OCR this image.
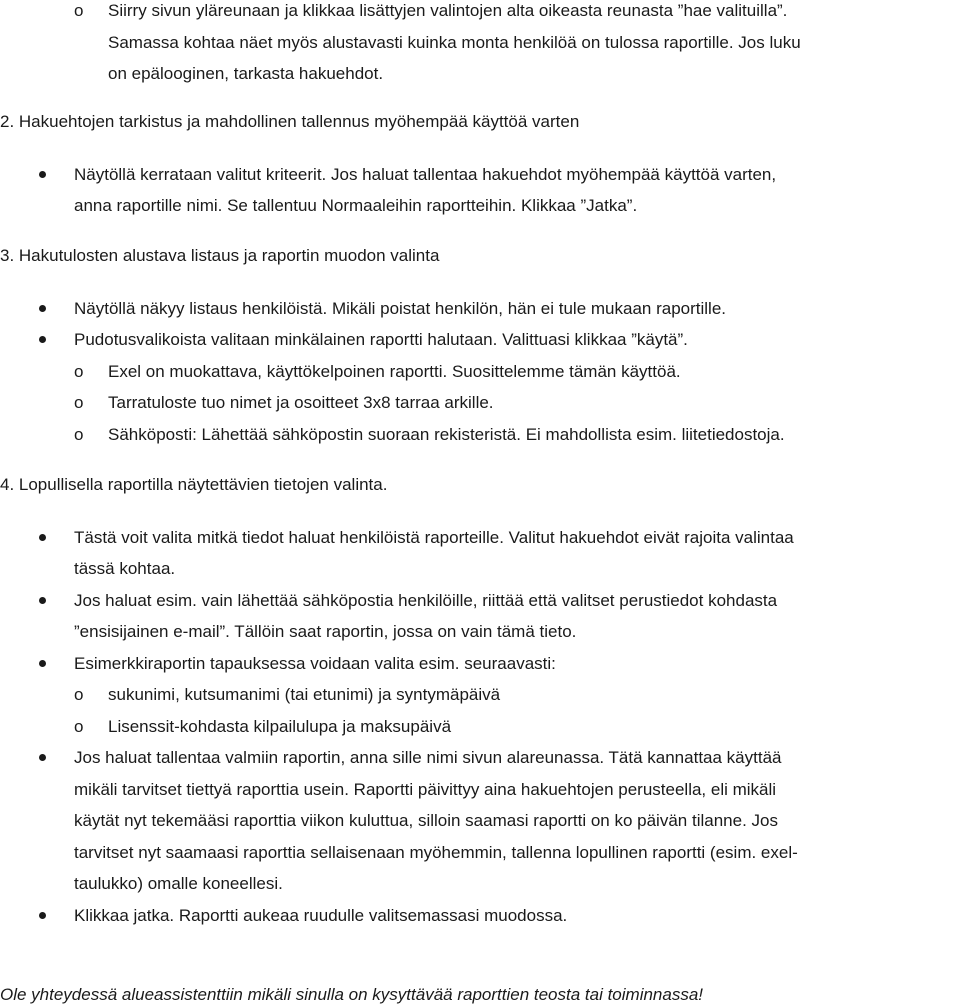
o Siirry sivun yläreunaan ja klikkaa lisättyjen valintojen alta oikeasta reunasta ”hae valituilla”.
Samassa kohtaa näet myös alustavasti kuinka monta henkilöä on tulossa raportille. Jos luku
on epälooginen, tarkasta hakuehdot.
2. Hakuehtojen tarkistus ja mahdollinen tallennus myöhempää käyttöä varten
Näytöllä kerrataan valitut kriteerit. Jos haluat tallentaa hakuehdot myöhempää käyttöä varten,
anna raportille nimi. Se tallentuu Normaaleihin raportteihin. Klikkaa ”Jatka”.
3. Hakutulosten alustava listaus ja raportin muodon valinta
Näytöllä näkyy listaus henkilöistä. Mikäli poistat henkilön, hän ei tule mukaan raportille.
Pudotusvalikoista valitaan minkälainen raportti halutaan. Valittuasi klikkaa ”käytä”.
o Exel on muokattava, käyttökelpoinen raportti. Suosittelemme tämän käyttöä.
o Tarratuloste tuo nimet ja osoitteet 3x8 tarraa arkille.
o Sähköposti: Lähettää sähköpostin suoraan rekisteristä. Ei mahdollista esim. liitetiedostoja.
4. Lopullisella raportilla näytettävien tietojen valinta.
Tästä voit valita mitkä tiedot haluat henkilöistä raporteille. Valitut hakuehdot eivät rajoita valintaa
tässä kohtaa.
Jos haluat esim. vain lähettää sähköpostia henkilöille, riittää että valitset perustiedot kohdasta
”ensisijainen e-mail”. Tällöin saat raportin, jossa on vain tämä tieto.
Esimerkkiraportin tapauksessa voidaan valita esim. seuraavasti:
o sukunimi, kutsumanimi (tai etunimi) ja syntymäpäivä
o Lisenssit-kohdasta kilpailulupa ja maksupäivä
Jos haluat tallentaa valmiin raportin, anna sille nimi sivun alareunassa. Tätä kannattaa käyttää
mikäli tarvitset tiettyä raporttia usein. Raportti päivittyy aina hakuehtojen perusteella, eli mikäli
käytät nyt tekemääsi raporttia viikon kuluttua, silloin saamasi raportti on ko päivän tilanne. Jos
tarvitset nyt saamaasi raporttia sellaisenaan myöhemmin, tallenna lopullinen raportti (esim. exel-
taulukko) omalle koneellesi.
Klikkaa jatka. Raportti aukeaa ruudulle valitsemassasi muodossa.
Ole yhteydessä alueassistenttiin mikäli sinulla on kysyttävää raporttien teosta tai toiminnassa!
